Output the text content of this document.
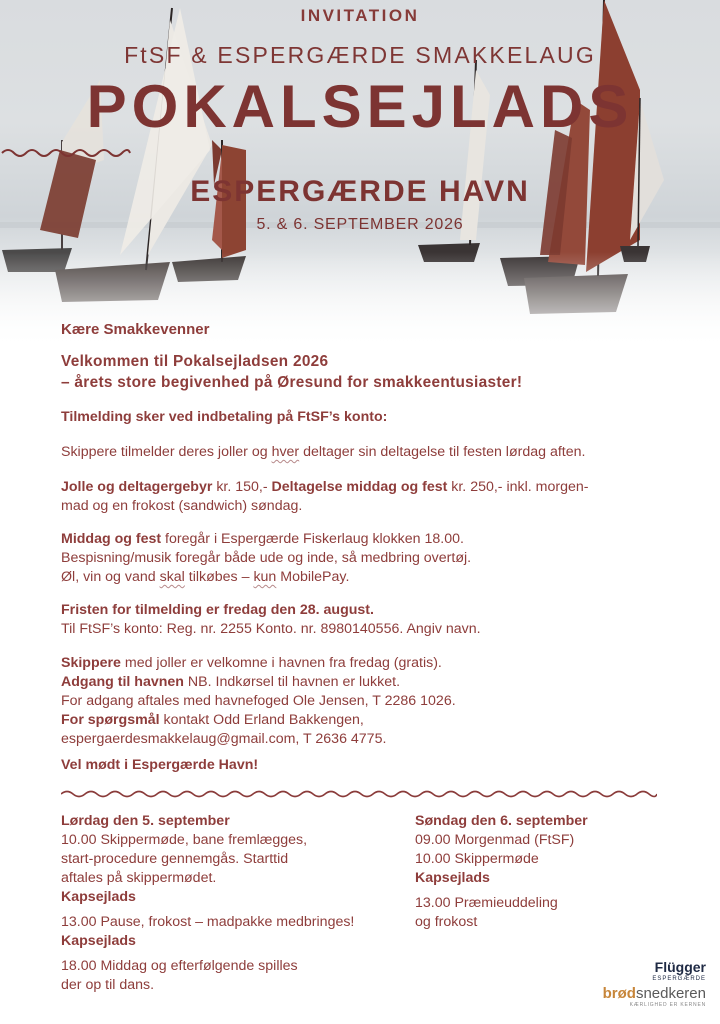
INVITATION
FtSF & ESPERGÆRDE SMAKKELAUG
POKALSEJLADS
ESPERGÆRDE HAVN
5. & 6. SEPTEMBER 2026
Kære Smakkevenner
Velkommen til Pokalsejladsen 2026
– årets store begivenhed på Øresund for smakkeentusiaster!
Tilmelding sker ved indbetaling på FtSF’s konto:
Skippere tilmelder deres joller og hver deltager sin deltagelse til festen lørdag aften.
Jolle og deltagergebyr kr. 150,- Deltagelse middag og fest kr. 250,- inkl. morgen-
mad og en frokost (sandwich) søndag.
Middag og fest foregår i Espergærde Fiskerlaug klokken 18.00.
Bespisning/musik foregår både ude og inde, så medbring overtøj.
Øl, vin og vand skal tilkøbes – kun MobilePay.
Fristen for tilmelding er fredag den 28. august.
Til FtSF’s konto: Reg. nr. 2255 Konto. nr. 8980140556. Angiv navn.
Skippere med joller er velkomne i havnen fra fredag (gratis).
Adgang til havnen NB. Indkørsel til havnen er lukket.
For adgang aftales med havnefoged Ole Jensen, T 2286 1026.
For spørgsmål kontakt Odd Erland Bakkengen,
espergaerdesmakkelaug@gmail.com, T 2636 4775.
Vel mødt i Espergærde Havn!
Lørdag den 5. september
10.00 Skippermøde, bane fremlægges,
start-procedure gennemgås. Starttid
aftales på skippermødet.
Kapsejlads
13.00 Pause, frokost – madpakke medbringes!
Kapsejlads
18.00 Middag og efterfølgende spilles
der op til dans.
Søndag den 6. september
09.00 Morgenmad (FtSF)
10.00 Skippermøde
Kapsejlads
13.00 Præmieuddeling
og frokost
Flügger
ESPERGÆRDE
brødsnedkeren
KÆRLIGHED ER KERNEN
